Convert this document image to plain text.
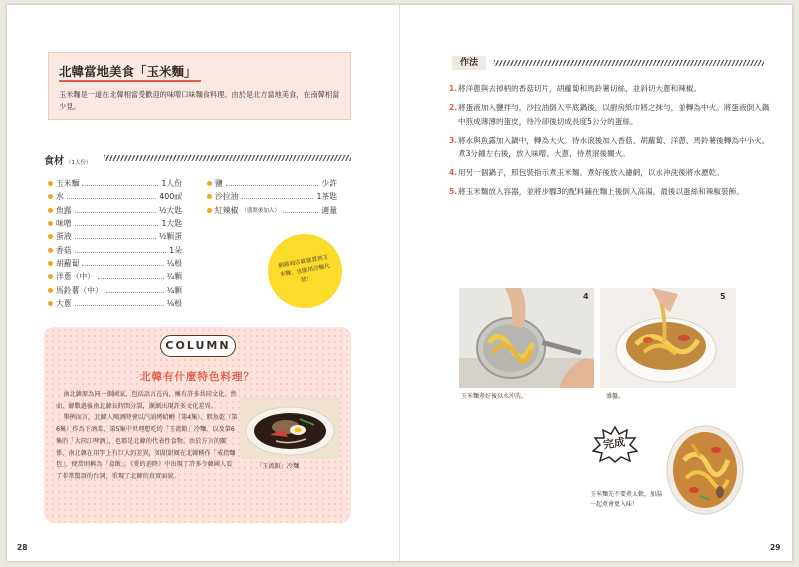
北韓當地美食「玉米麵」

玉米麵是一道在北韓相當受歡迎的味噌口味麵食料理。由於是北方當地美食，在南韓相當少見。

食材 （1人份）
玉米麵	1人份
水	400㎖
魚露	½大匙
味噌	1大匙
蛋液	½顆蛋
香菇	1朵
胡蘿蔔	¼根
洋蔥（中）	¼顆
馬鈴薯（中）	¼顆
大蔥	⅛根
鹽	少許
沙拉油	1茶匙
紅辣椒 （盛盤後加入）	適量
網路商店就能買到玉米麵，也能用冷麵代替！
COLUMN
北韓有什麼特色料理？
南北韓原為同一個國家，包括語言在內，擁有許多共同文化。然而，韓戰過後南北韓長時間分裂，漸漸出現許多文化差異。
舉例而言，北韓人喝酒時會以汽油烤蛤蜊（第4集）、鱈魚乾（第6集）作為下酒菜，第5集中世理想吃的「玉流館」冷麵，以及第6集的「大同江啤酒」，也都是北韓的代表性食物。由於方言的關係，南北韓在用字上有巨大的差異，如甜甜圈在北韓稱作「戒指麵包」，便當則稱為「盒飯」。《愛的迫降》中出現了許多令韓國人看了非常驚訝的台詞，重現了北韓的真實面貌。
「玉流館」冷麵
28
作法
1. 將洋蔥與去掉柄的香菇切片，胡蘿蔔和馬鈴薯切絲，並斜切大蔥和辣椒。
2. 將蛋液加入鹽拌勻，沙拉油倒入平底鍋後，以廚房紙巾將之抹勻，並轉為中火。將蛋液倒入鍋中煎成薄薄的蛋皮，待冷卻後切成長度5公分的蛋絲。
3. 將水與魚露加入鍋中，轉為大火。待水滾後加入香菇、胡蘿蔔、洋蔥、馬鈴薯後轉為中小火。煮3分鐘左右後，放入味噌、大蔥，待煮滾後關火。
4. 用另一個鍋子，照包裝指示煮玉米麵。煮好後放入濾網，以水沖洗後將水瀝乾。
5. 將玉米麵放入容器，並將步驟3的配料鋪在麵上後倒入高湯。最後以蛋絲和辣椒裝飾。
4
玉米麵煮好後以水沖洗。
5
盛盤。
完成
玉米麵先不要煮太軟，加湯一起煮會更入味！
29
